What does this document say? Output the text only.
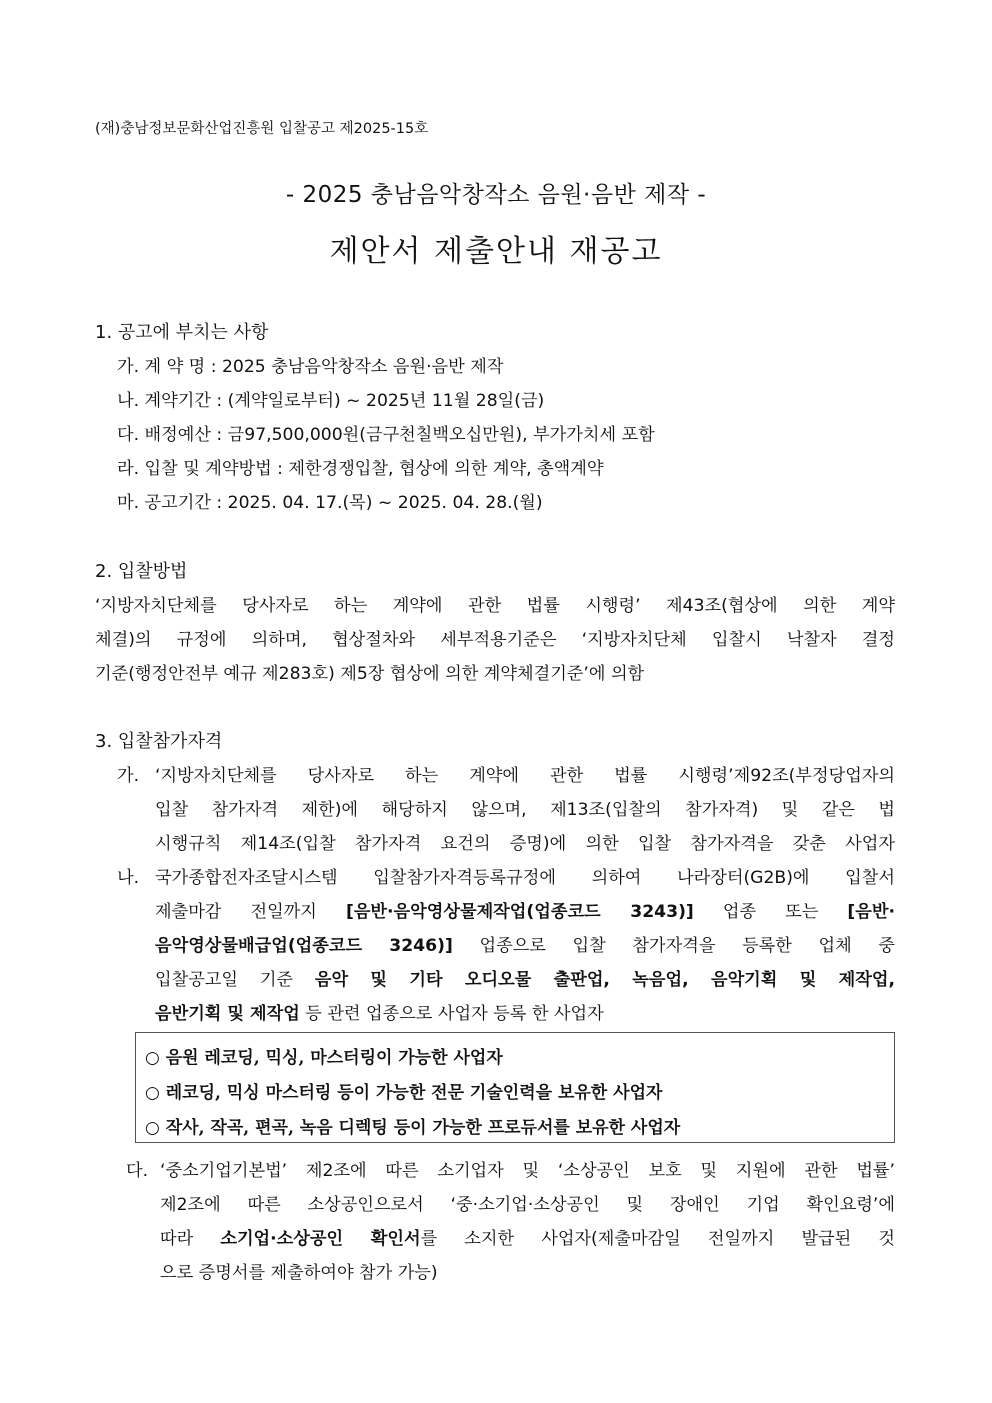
(재)충남정보문화산업진흥원 입찰공고 제2025-15호
- 2025 충남음악창작소 음원·음반 제작 -
제안서 제출안내 재공고
1. 공고에 부치는 사항
가. 계 약 명 : 2025 충남음악창작소 음원·음반 제작
나. 계약기간 : (계약일로부터) ~ 2025년 11월 28일(금)
다. 배정예산 : 금97,500,000원(금구천칠백오십만원), 부가가치세 포함
라. 입찰 및 계약방법 : 제한경쟁입찰, 협상에 의한 계약, 총액계약
마. 공고기간 : 2025. 04. 17.(목) ~ 2025. 04. 28.(월)
2. 입찰방법
‘지방자치단체를 당사자로 하는 계약에 관한 법률 시행령’ 제43조(협상에 의한 계약
체결)의 규정에 의하며, 협상절차와 세부적용기준은 ‘지방자치단체 입찰시 낙찰자 결정
기준(행정안전부 예규 제283호) 제5장 협상에 의한 계약체결기준’에 의함
3. 입찰참가자격
가. ‘지방자치단체를 당사자로 하는 계약에 관한 법률 시행령’제92조(부정당업자의
입찰 참가자격 제한)에 해당하지 않으며, 제13조(입찰의 참가자격) 및 같은 법
시행규칙 제14조(입찰 참가자격 요건의 증명)에 의한 입찰 참가자격을 갖춘 사업자
나. 국가종합전자조달시스템 입찰참가자격등록규정에 의하여 나라장터(G2B)에 입찰서
제출마감 전일까지 [음반·음악영상물제작업(업종코드 3243)] 업종 또는 [음반·
음악영상물배급업(업종코드 3246)] 업종으로 입찰 참가자격을 등록한 업체 중
입찰공고일 기준 음악 및 기타 오디오물 출판업, 녹음업, 음악기획 및 제작업,
음반기획 및 제작업 등 관련 업종으로 사업자 등록 한 사업자
○ 음원 레코딩, 믹싱, 마스터링이 가능한 사업자
○ 레코딩, 믹싱 마스터링 등이 가능한 전문 기술인력을 보유한 사업자
○ 작사, 작곡, 편곡, 녹음 디렉팅 등이 가능한 프로듀서를 보유한 사업자
다. ‘중소기업기본법’ 제2조에 따른 소기업자 및 ‘소상공인 보호 및 지원에 관한 법률’
제2조에 따른 소상공인으로서 ‘중·소기업·소상공인 및 장애인 기업 확인요령’에
따라 소기업·소상공인 확인서를 소지한 사업자(제출마감일 전일까지 발급된 것
으로 증명서를 제출하여야 참가 가능)
